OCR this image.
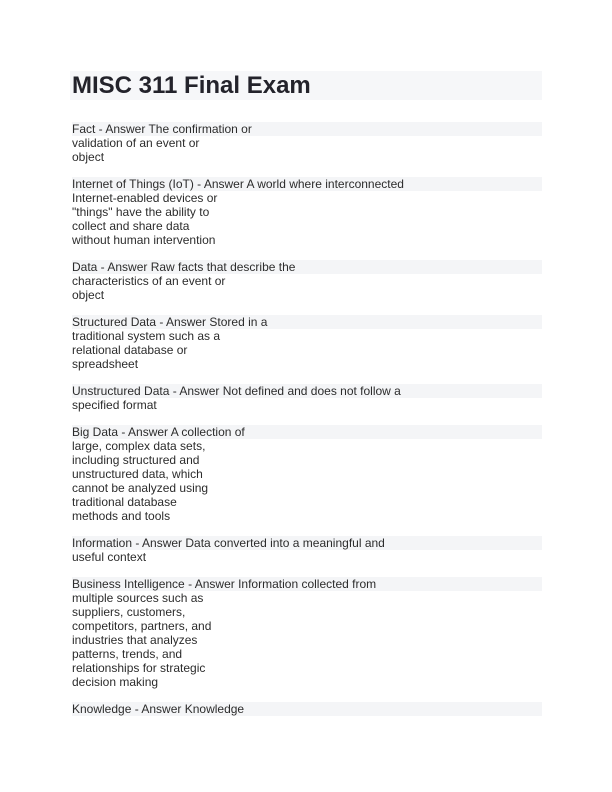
MISC 311 Final Exam
Fact - Answer The confirmation or
validation of an event or
object
Internet of Things (IoT) - Answer A world where interconnected
Internet-enabled devices or
"things" have the ability to
collect and share data
without human intervention
Data - Answer Raw facts that describe the
characteristics of an event or
object
Structured Data - Answer Stored in a
traditional system such as a
relational database or
spreadsheet
Unstructured Data - Answer Not defined and does not follow a
specified format
Big Data - Answer A collection of
large, complex data sets,
including structured and
unstructured data, which
cannot be analyzed using
traditional database
methods and tools
Information - Answer Data converted into a meaningful and
useful context
Business Intelligence - Answer Information collected from
multiple sources such as
suppliers, customers,
competitors, partners, and
industries that analyzes
patterns, trends, and
relationships for strategic
decision making
Knowledge - Answer Knowledge
